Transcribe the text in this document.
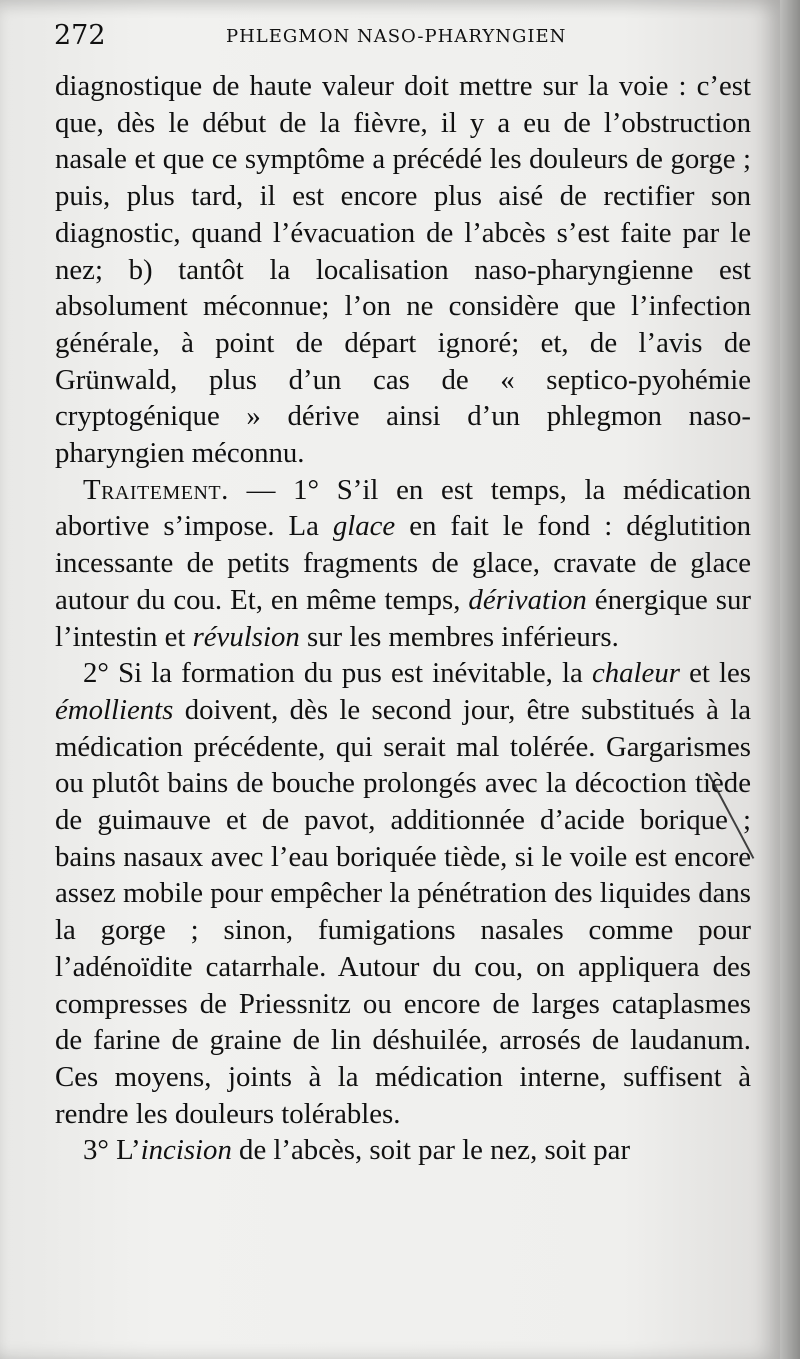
272	PHLEGMON NASO-PHARYNGIEN

diagnostique de haute valeur doit mettre sur la voie : c’est que, dès le début de la fièvre, il y a eu de l’obstruction nasale et que ce symptôme a précédé les douleurs de gorge ; puis, plus tard, il est encore plus aisé de rectifier son diagnostic, quand l’évacuation de l’abcès s’est faite par le nez; b) tantôt la localisation naso-pharyngienne est absolument méconnue; l’on ne considère que l’infection générale, à point de départ ignoré; et, de l’avis de Grünwald, plus d’un cas de « septico-pyohémie cryptogénique » dérive ainsi d’un phlegmon naso-pharyngien méconnu.

Traitement. — 1° S’il en est temps, la médication abortive s’impose. La glace en fait le fond : déglutition incessante de petits fragments de glace, cravate de glace autour du cou. Et, en même temps, dérivation énergique sur l’intestin et révulsion sur les membres inférieurs.

2° Si la formation du pus est inévitable, la chaleur et les émollients doivent, dès le second jour, être substitués à la médication précédente, qui serait mal tolérée. Gargarismes ou plutôt bains de bouche prolongés avec la décoction tiède de guimauve et de pavot, additionnée d’acide borique ; bains nasaux avec l’eau boriquée tiède, si le voile est encore assez mobile pour empêcher la pénétration des liquides dans la gorge ; sinon, fumigations nasales comme pour l’adénoïdite catarrhale. Autour du cou, on appliquera des compresses de Priessnitz ou encore de larges cataplasmes de farine de graine de lin déshuilée, arrosés de laudanum. Ces moyens, joints à la médication interne, suffisent à rendre les douleurs tolérables.

3° L’incision de l’abcès, soit par le nez, soit par
